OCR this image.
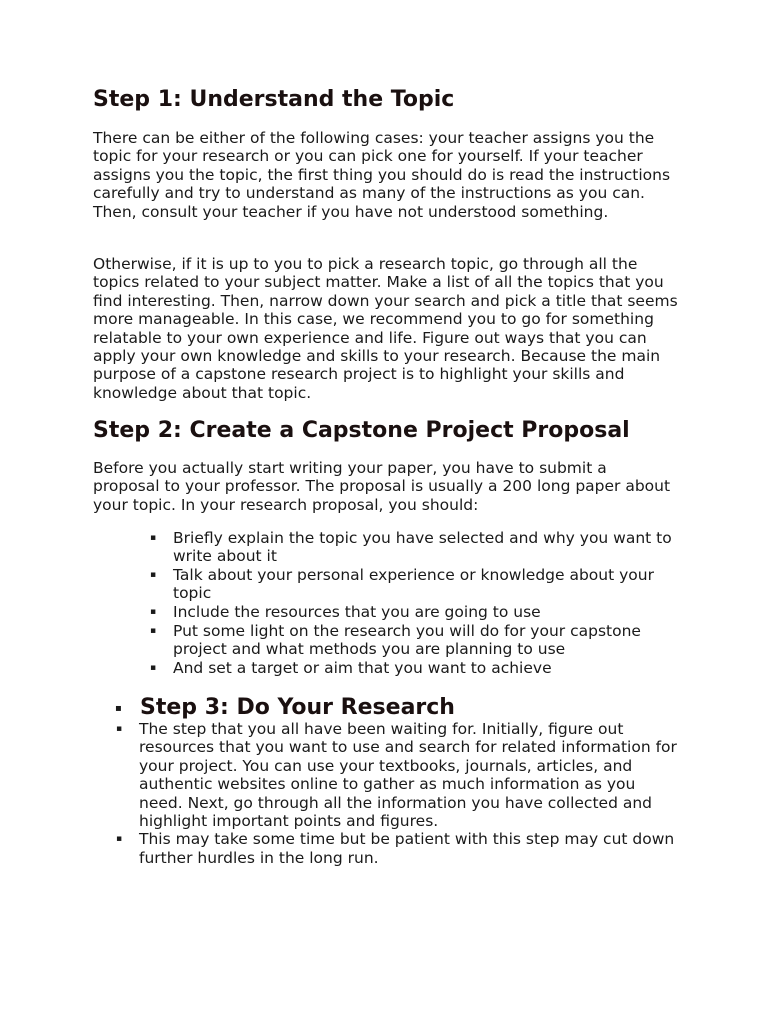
Step 1: Understand the Topic

There can be either of the following cases: your teacher assigns you the topic for your research or you can pick one for yourself. If your teacher assigns you the topic, the first thing you should do is read the instructions carefully and try to understand as many of the instructions as you can. Then, consult your teacher if you have not understood something.

Otherwise, if it is up to you to pick a research topic, go through all the topics related to your subject matter. Make a list of all the topics that you find interesting. Then, narrow down your search and pick a title that seems more manageable. In this case, we recommend you to go for something relatable to your own experience and life. Figure out ways that you can apply your own knowledge and skills to your research. Because the main purpose of a capstone research project is to highlight your skills and knowledge about that topic.

Step 2: Create a Capstone Project Proposal

Before you actually start writing your paper, you have to submit a proposal to your professor. The proposal is usually a 200 long paper about your topic. In your research proposal, you should:

▪ Briefly explain the topic you have selected and why you want to write about it
▪ Talk about your personal experience or knowledge about your topic
▪ Include the resources that you are going to use
▪ Put some light on the research you will do for your capstone project and what methods you are planning to use
▪ And set a target or aim that you want to achieve
▪ Step 3: Do Your Research
▪ The step that you all have been waiting for. Initially, figure out resources that you want to use and search for related information for your project. You can use your textbooks, journals, articles, and authentic websites online to gather as much information as you need. Next, go through all the information you have collected and highlight important points and figures.
▪ This may take some time but be patient with this step may cut down further hurdles in the long run.
